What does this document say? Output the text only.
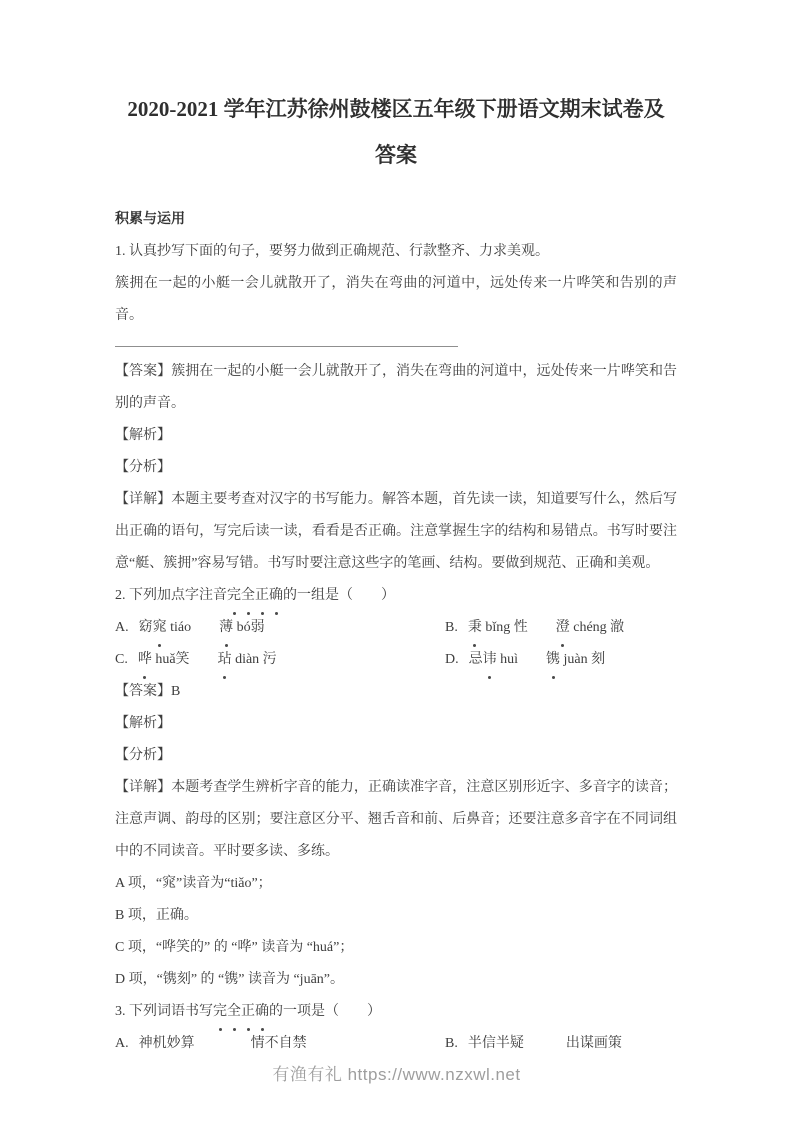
2020-2021 学年江苏徐州鼓楼区五年级下册语文期末试卷及
答案

积累与运用

1. 认真抄写下面的句子，要努力做到正确规范、行款整齐、力求美观。

簇拥在一起的小艇一会儿就散开了，消失在弯曲的河道中，远处传来一片哗笑和告别的声音。

【答案】簇拥在一起的小艇一会儿就散开了，消失在弯曲的河道中，远处传来一片哗笑和告别的声音。

【解析】

【分析】

【详解】本题主要考查对汉字的书写能力。解答本题，首先读一读，知道要写什么，然后写出正确的语句，写完后读一读，看看是否正确。注意掌握生字的结构和易错点。书写时要注意“艇、簇拥”容易写错。书写时要注意这些字的笔画、结构。要做到规范、正确和美观。

2. 下列加点字注音完全正确的一组是（　　）

A. 窈窕 tiáo　　薄 bó弱	B. 秉 bǐng 性　　澄 chéng 澈
C. 哗 huǎ笑　　玷 diàn 污	D. 忌讳 huì　　镌 juàn 刻

【答案】B

【解析】

【分析】

【详解】本题考查学生辨析字音的能力，正确读准字音，注意区别形近字、多音字的读音；注意声调、韵母的区别；要注意区分平、翘舌音和前、后鼻音；还要注意多音字在不同词组中的不同读音。平时要多读、多练。

A 项，“窕”读音为“tiǎo”；

B 项，正确。

C 项，“哗笑的” 的 “哗” 读音为 “huá”；

D 项，“镌刻” 的 “镌” 读音为 “juān”。

3. 下列词语书写完全正确的一项是（　　）

A. 神机妙算　　　　情不自禁	B. 半信半疑　　　出谋画策
有渔有礼 https://www.nzxwl.net
